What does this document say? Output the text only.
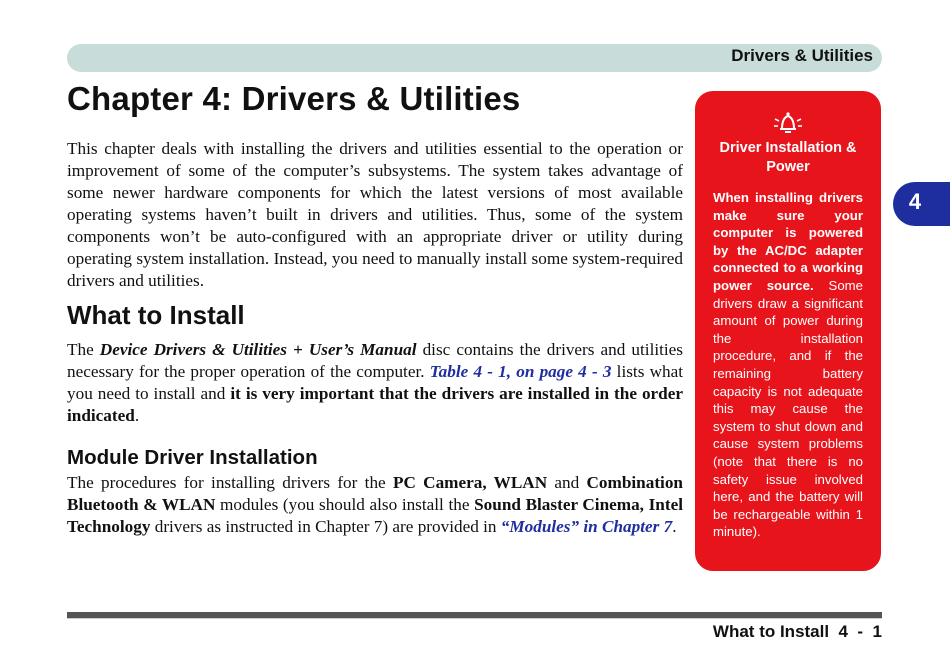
Drivers & Utilities
Chapter 4: Drivers & Utilities

This chapter deals with installing the drivers and utilities essential to the operation or improvement of some of the computer’s subsystems. The system takes advantage of some newer hardware components for which the latest versions of most available operating systems haven’t built in drivers and utilities. Thus, some of the system components won’t be auto-configured with an appropriate driver or utility during operating system installation. Instead, you need to manually install some system-required drivers and utilities.

What to Install

The Device Drivers & Utilities + User’s Manual disc contains the drivers and utilities necessary for the proper operation of the computer. Table 4 - 1, on page 4 - 3 lists what you need to install and it is very important that the drivers are installed in the order indicated.

Module Driver Installation

The procedures for installing drivers for the PC Camera, WLAN and Combination Bluetooth & WLAN modules (you should also install the Sound Blaster Cinema, Intel Technology drivers as instructed in Chapter 7) are provided in “Modules” in Chapter 7.

Driver Installation & Power
When installing drivers make sure your computer is powered by the AC/DC adapter connected to a working power source. Some drivers draw a significant amount of power during the installation procedure, and if the remaining battery capacity is not adequate this may cause the system to shut down and cause system problems (note that there is no safety issue involved here, and the battery will be rechargeable within 1 minute).
4
What to Install  4  -  1
